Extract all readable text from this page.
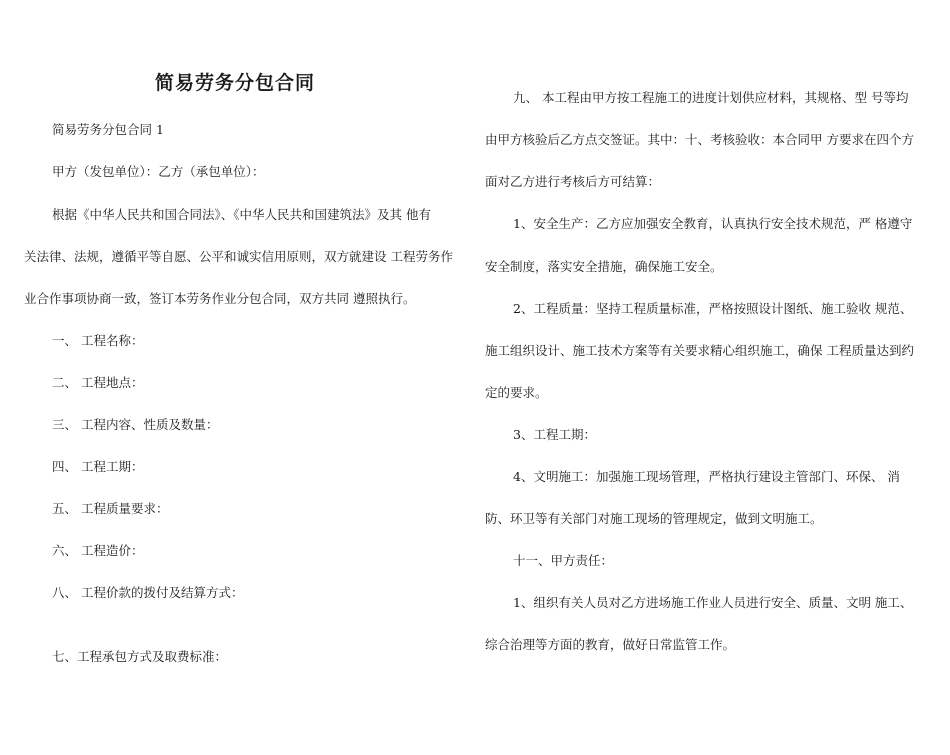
简易劳务分包合同
简易劳务分包合同 1
甲方（发包单位）：乙方（承包单位）：
根据《中华人民共和国合同法》、《中华人民共和国建筑法》及其 他有
关法律、法规，遵循平等自愿、公平和诚实信用原则，双方就建设 工程劳务作
业合作事项协商一致，签订本劳务作业分包合同，双方共同 遵照执行。
一、 工程名称：
二、 工程地点：
三、 工程内容、性质及数量：
四、 工程工期：
五、 工程质量要求：
六、 工程造价：
八、 工程价款的拨付及结算方式：
七、工程承包方式及取费标准：
九、 本工程由甲方按工程施工的进度计划供应材料，其规格、型 号等均
由甲方核验后乙方点交签证。其中：十、考核验收：本合同甲 方要求在四个方
面对乙方进行考核后方可结算：
1、安全生产：乙方应加强安全教育，认真执行安全技术规范，严 格遵守
安全制度，落实安全措施，确保施工安全。
2、工程质量：坚持工程质量标准，严格按照设计图纸、施工验收 规范、
施工组织设计、施工技术方案等有关要求精心组织施工，确保 工程质量达到约
定的要求。
3、工程工期：
4、文明施工：加强施工现场管理，严格执行建设主管部门、环保、 消
防、环卫等有关部门对施工现场的管理规定，做到文明施工。
十一、甲方责任：
1、组织有关人员对乙方进场施工作业人员进行安全、质量、文明 施工、
综合治理等方面的教育，做好日常监管工作。
